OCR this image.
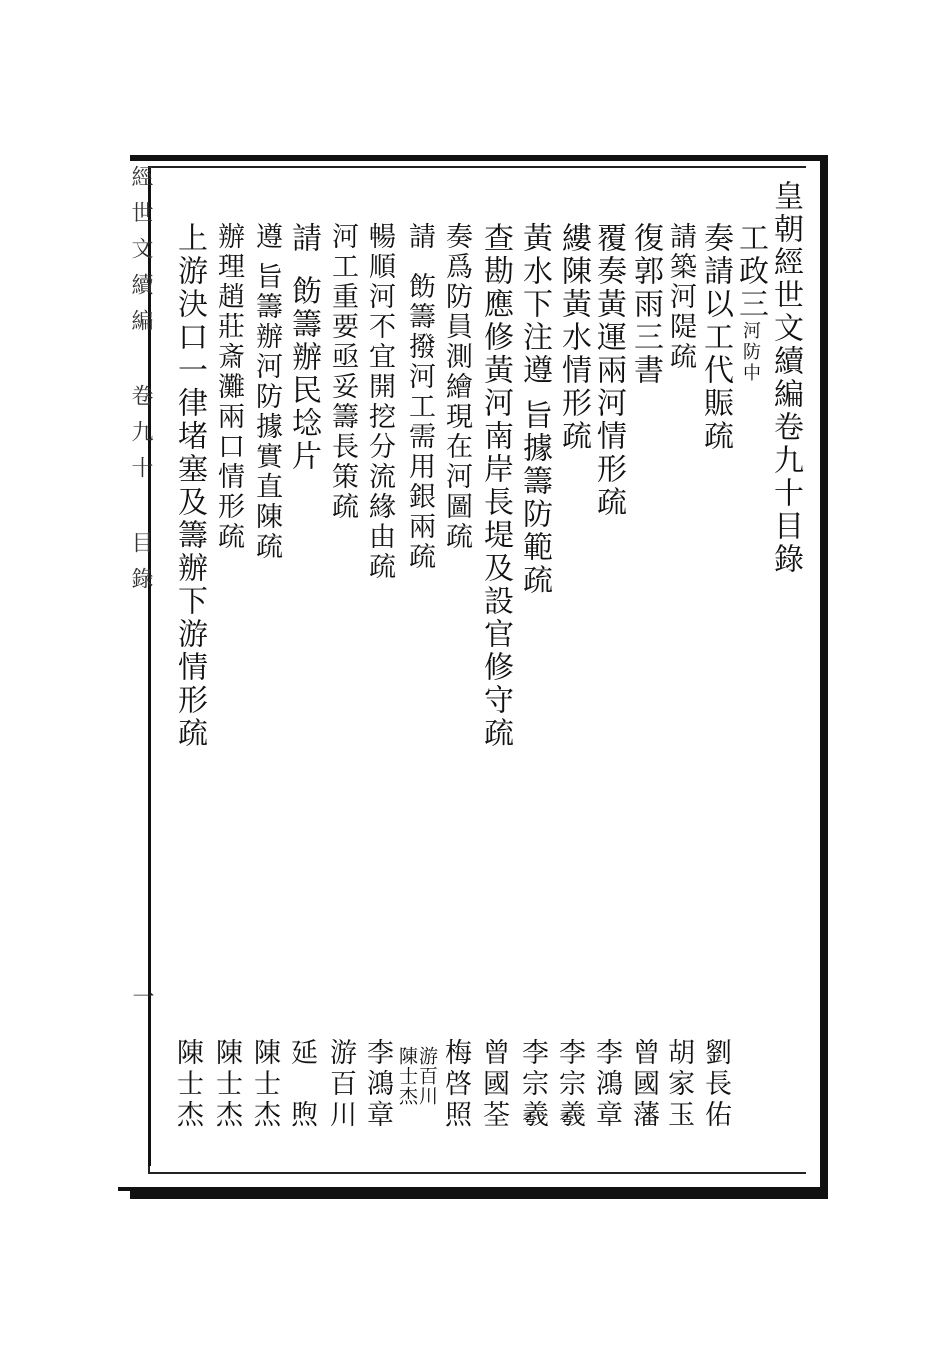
經世文續編 卷九十 目錄
一
皇朝經世文續編卷九十目錄
工政三河防中
奏請以工代賑疏
請築河隄疏
復郭雨三書
覆奏黃運兩河情形疏
縷陳黃水情形疏
黃水下注遵旨據籌防範疏
查勘應修黃河南岸長堤及設官修守疏
奏爲防員測繪現在河圖疏
請飭籌撥河工需用銀兩疏
暢順河不宜開挖分流緣由疏
河工重要亟妥籌長策疏
請飭籌辦民埝片
遵旨籌辦河防據實直陳疏
辦理趙莊斎灘兩口情形疏
上游決口一律堵塞及籌辦下游情形疏
劉長佑
胡家玉
曾國藩
李鴻章
李宗羲
李宗羲
曾國荃
梅啓照
游百川
陳士杰
李鴻章
游百川
延　煦
陳士杰
陳士杰
陳士杰
